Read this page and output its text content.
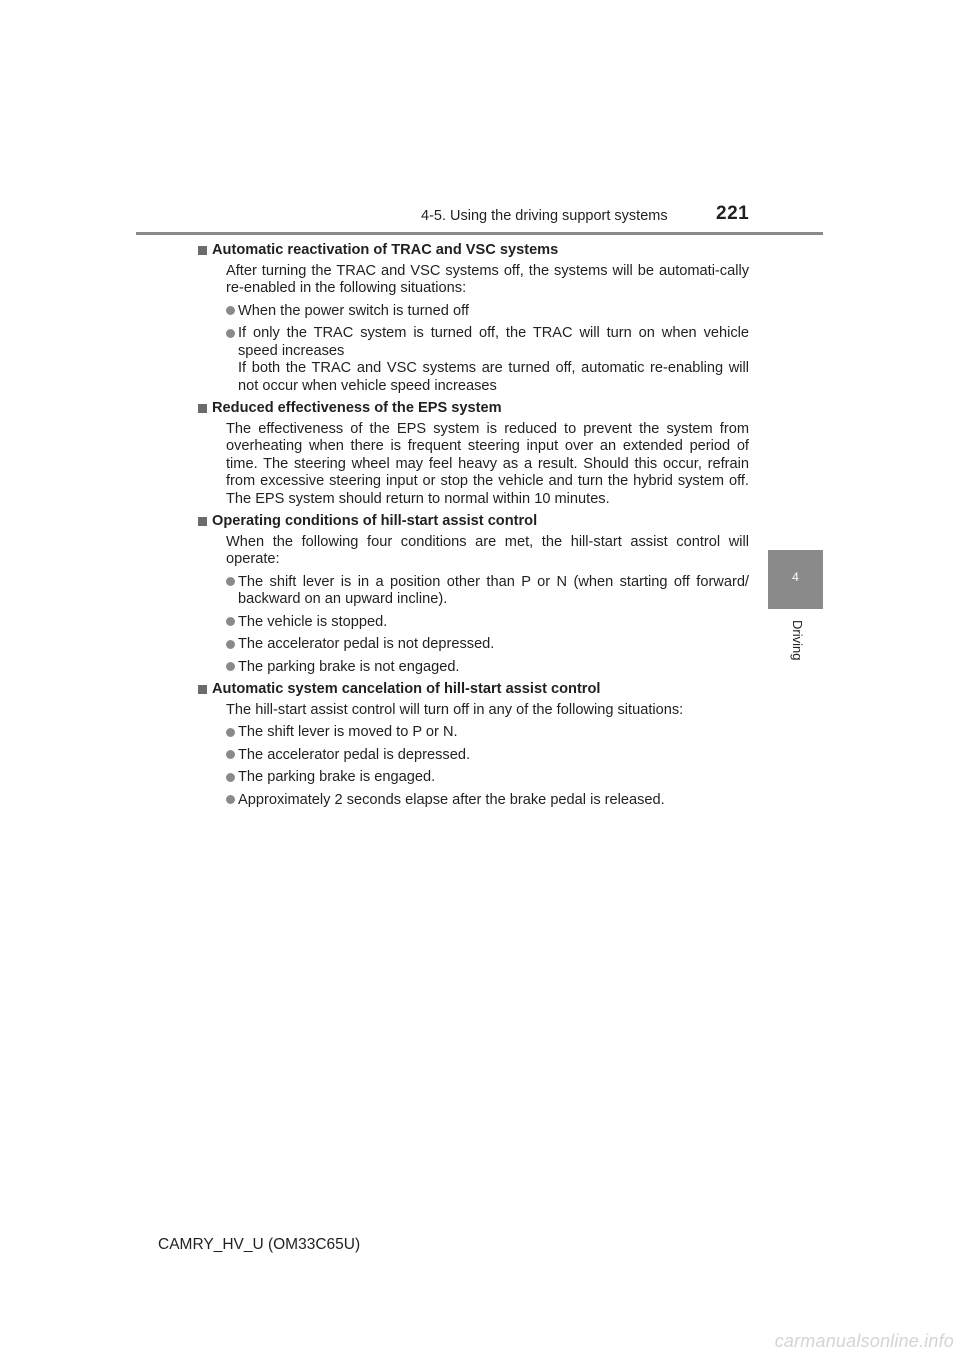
4-5. Using the driving support systems	221
4
Driving
Automatic reactivation of TRAC and VSC systems
After turning the TRAC and VSC systems off, the systems will be automati-cally re-enabled in the following situations:
When the power switch is turned off
If only the TRAC system is turned off, the TRAC will turn on when vehicle speed increases
If both the TRAC and VSC systems are turned off, automatic re-enabling will not occur when vehicle speed increases
Reduced effectiveness of the EPS system
The effectiveness of the EPS system is reduced to prevent the system from overheating when there is frequent steering input over an extended period of time. The steering wheel may feel heavy as a result. Should this occur, refrain from excessive steering input or stop the vehicle and turn the hybrid system off. The EPS system should return to normal within 10 minutes.
Operating conditions of hill-start assist control
When the following four conditions are met, the hill-start assist control will operate:
The shift lever is in a position other than P or N (when starting off forward/ backward on an upward incline).
The vehicle is stopped.
The accelerator pedal is not depressed.
The parking brake is not engaged.
Automatic system cancelation of hill-start assist control
The hill-start assist control will turn off in any of the following situations:
The shift lever is moved to P or N.
The accelerator pedal is depressed.
The parking brake is engaged.
Approximately 2 seconds elapse after the brake pedal is released.
CAMRY_HV_U (OM33C65U)
carmanualsonline.info
